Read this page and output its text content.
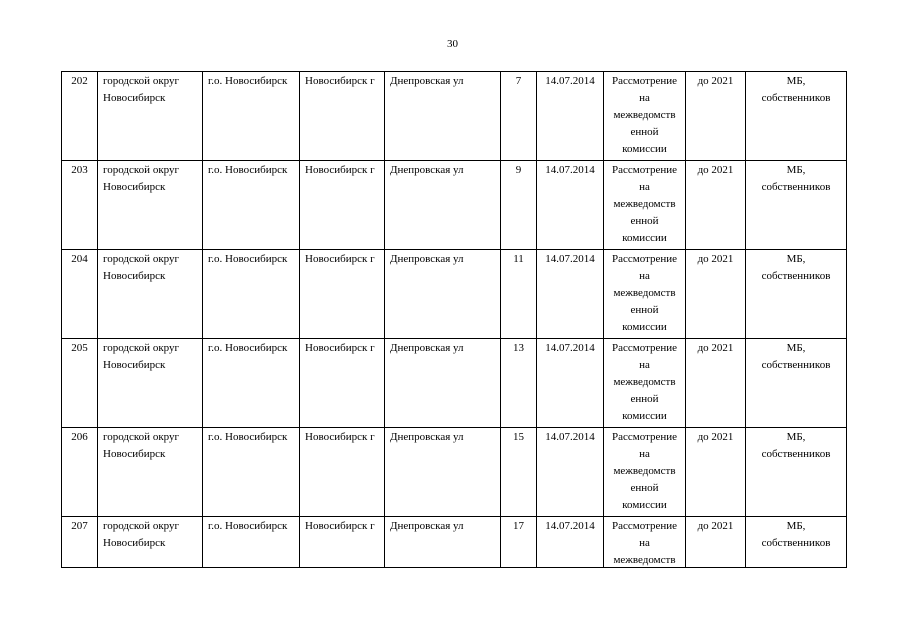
30
202	городской округ Новосибирск	г.о. Новосибирск	Новосибирск г	Днепровская ул	7	14.07.2014	Рассмотрение на межведомств енной комиссии	до 2021	МБ, собственников

203	городской округ Новосибирск	г.о. Новосибирск	Новосибирск г	Днепровская ул	9	14.07.2014	Рассмотрение на межведомств енной комиссии	до 2021	МБ, собственников

204	городской округ Новосибирск	г.о. Новосибирск	Новосибирск г	Днепровская ул	11	14.07.2014	Рассмотрение на межведомств енной комиссии	до 2021	МБ, собственников

205	городской округ Новосибирск	г.о. Новосибирск	Новосибирск г	Днепровская ул	13	14.07.2014	Рассмотрение на межведомств енной комиссии	до 2021	МБ, собственников

206	городской округ Новосибирск	г.о. Новосибирск	Новосибирск г	Днепровская ул	15	14.07.2014	Рассмотрение на межведомств енной комиссии	до 2021	МБ, собственников

207	городской округ Новосибирск	г.о. Новосибирск	Новосибирск г	Днепровская ул	17	14.07.2014	Рассмотрение на межведомств	до 2021	МБ, собственников
